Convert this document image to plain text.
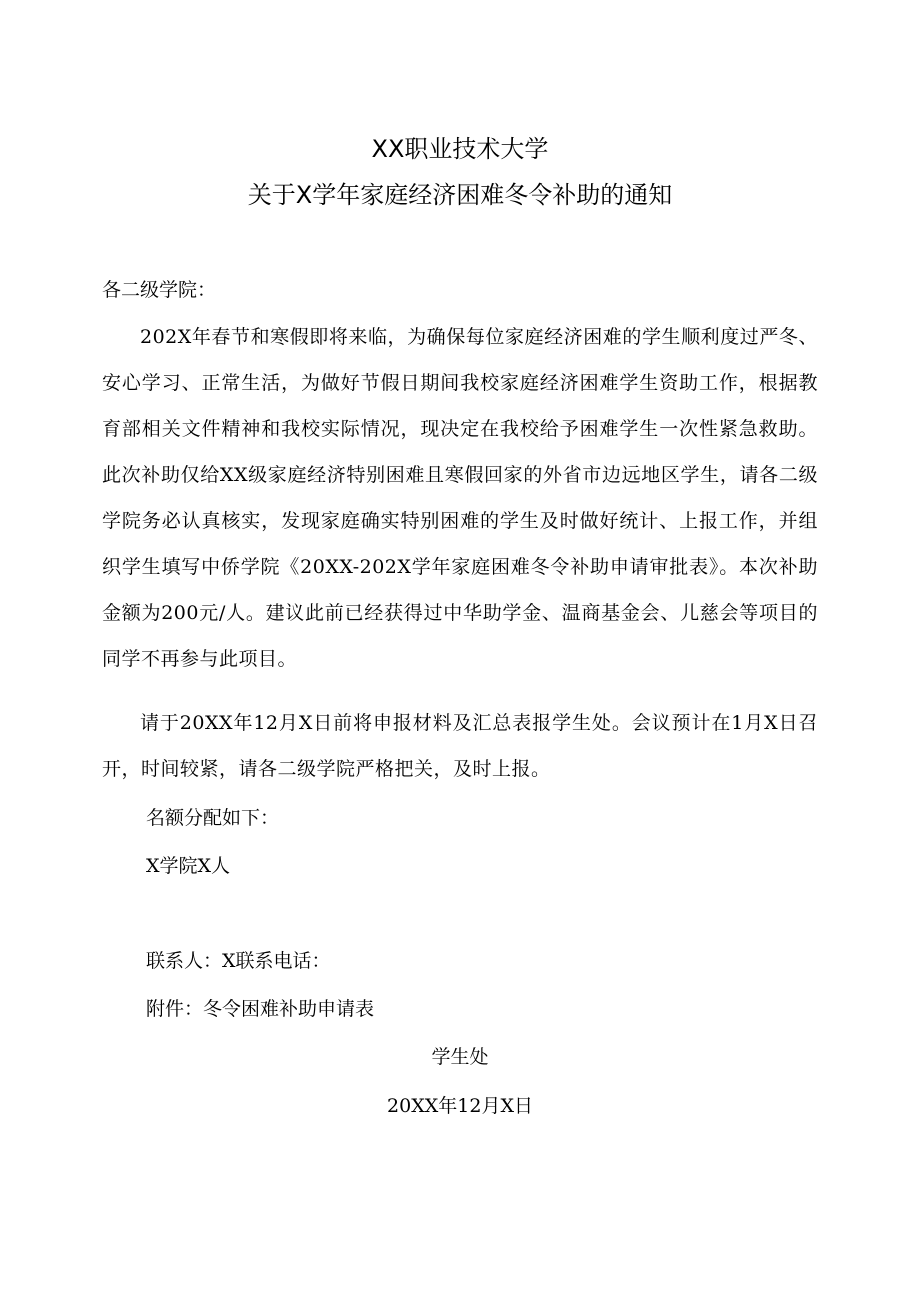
XX职业技术大学
关于X学年家庭经济困难冬令补助的通知
各二级学院：
202X年春节和寒假即将来临，为确保每位家庭经济困难的学生顺利度过严冬、安心学习、正常生活，为做好节假日期间我校家庭经济困难学生资助工作，根据教育部相关文件精神和我校实际情况，现决定在我校给予困难学生一次性紧急救助。此次补助仅给XX级家庭经济特别困难且寒假回家的外省市边远地区学生，请各二级学院务必认真核实，发现家庭确实特别困难的学生及时做好统计、上报工作，并组织学生填写中侨学院《20XX-202X学年家庭困难冬令补助申请审批表》。本次补助金额为200元/人。建议此前已经获得过中华助学金、温商基金会、儿慈会等项目的同学不再参与此项目。
请于20XX年12月X日前将申报材料及汇总表报学生处。会议预计在1月X日召开，时间较紧，请各二级学院严格把关，及时上报。
名额分配如下：
X学院X人
联系人：X联系电话：
附件：冬令困难补助申请表
学生处
20XX年12月X日
